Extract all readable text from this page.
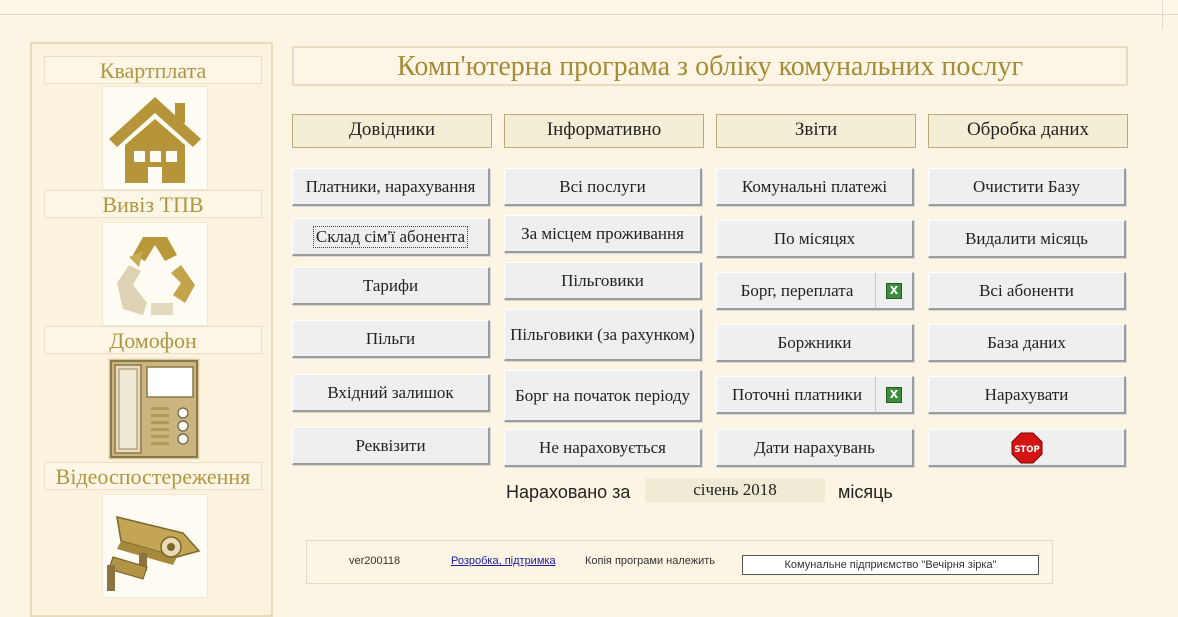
Квартплата
Вивіз ТПВ
Домофон
Відеоспостереження
Комп'ютерна програма з обліку комунальних послуг
Довідники	Інформативно	Звіти	Обробка даних
Платники, нарахування
Склад сім'ї абонента
Тарифи
Пільги
Вхідний залишок
Реквізити
Всі послуги
За місцем проживання
Пільговики
Пільговики (за рахунком)
Борг на початок періоду
Не нараховується
Комунальні платежі
По місяцях
Борг, переплата	X
Боржники
Поточні платники	X
Дати нарахувань
Очистити Базу
Видалити місяць
Всі абоненти
База даних
Нарахувати
STOP
Нараховано за	січень 2018	місяць
ver200118	Розробка, підтримка	Копія програми належить	Комунальне підприємство "Вечірня зірка"
